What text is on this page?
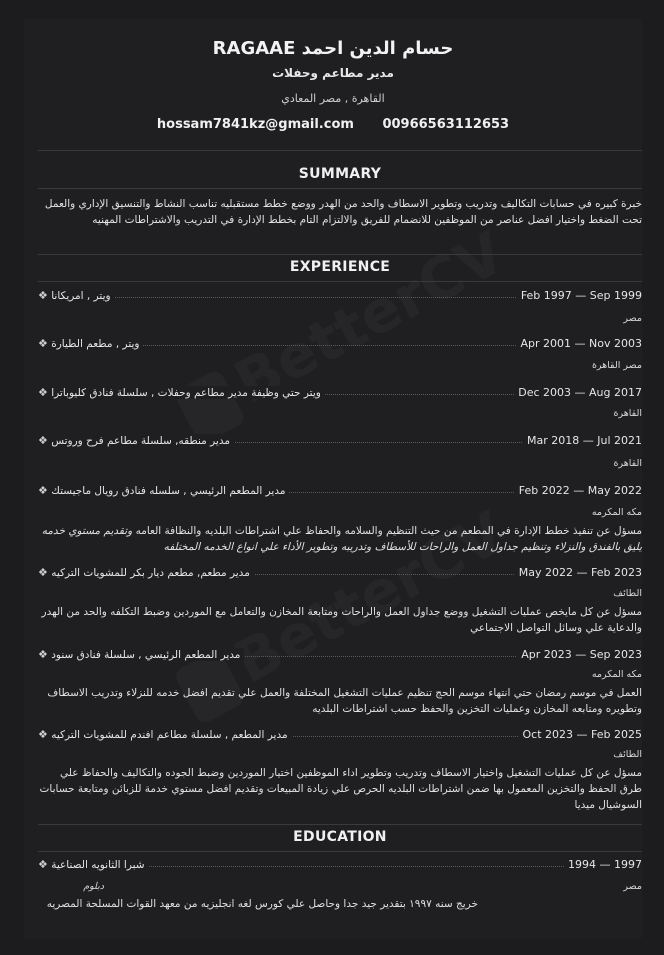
RAGAAE حسام الدين احمد
مدير مطاعم وحفلات
القاهرة , مصر المعادي
hossam7841kz@gmail.com 00966563112653
SUMMARY
خبرة كبيره في حسابات التكاليف وتدريب وتطوير الاسطاف والحد من الهدر ووضع خطط مستقبليه تناسب النشاط والتنسيق الإداري والعمل تحت الضغط واختيار افضل عناصر من الموظفين للانضمام للفريق والالتزام التام بخطط الإدارة في التدريب والاشتراطات المهنيه
EXPERIENCE
Feb 1997 — Sep 1999
ويتر , امريكانا ❖
مصر
Apr 2001 — Nov 2003
ويتر , مطعم الطيارة ❖
مصر القاهرة
Dec 2003 — Aug 2017
ويتر حتي وظيفة مدير مطاعم وحفلات , سلسلة فنادق كليوباترا ❖
القاهرة
Mar 2018 — Jul 2021
مدير منطقه, سلسلة مطاعم فرح وروتس ❖
القاهرة
Feb 2022 — May 2022
مدير المطعم الرئيسي , سلسله فنادق رويال ماجيستك ❖
مكه المكرمه
مسؤل عن تنفيذ خطط الإدارة في المطعم من حيث التنظيم والسلامه والحفاظ علي اشتراطات البلديه والنظافة العامه وتقديم مستوي خدمه يليق بالفندق والنزلاء وتنظيم جداول العمل والراحات للأسطاف وتدريبه وتطوير الأداء علي انواع الخدمه المختلفه
May 2022 — Feb 2023
مدير مطعم, مطعم ديار بكر للمشويات التركيه ❖
الطائف
مسؤل عن كل مايخص عمليات التشغيل ووضع جداول العمل والراحات ومتابعة المخازن والتعامل مع الموردين وضبط التكلفه والحد من الهدر والدعاية علي وسائل التواصل الاجتماعي
Apr 2023 — Sep 2023
مدير المطعم الرئيسي , سلسلة فنادق سنود ❖
مكه المكرمه
العمل في موسم رمضان حتي انتهاء موسم الحج تنظيم عمليات التشغيل المختلفة والعمل علي تقديم افضل خدمه للنزلاء وتدريب الاسطاف وتطويره ومتابعه المخازن وعمليات التخزين والحفظ حسب اشتراطات البلديه
Oct 2023 — Feb 2025
مدير المطعم , سلسلة مطاعم افندم للمشويات التركيه ❖
الطائف
مسؤل عن كل عمليات التشغيل واختيار الاسطاف وتدريب وتطوير اداء الموظفين اختيار الموردين وضبط الجوده والتكاليف والحفاظ علي طرق الحفظ والتخزين المعمول بها ضمن اشتراطات البلديه الحرص علي زيادة المبيعات وتقديم افضل مستوي خدمة للزبائن ومتابعة حسابات السوشيال ميديا
EDUCATION
1994 — 1997
شبرا الثانويه الصناعية ❖
مصر
دبلوم
خريج سنه ١٩٩٧ بتقدير جيد جدا وحاصل علي كورس لغه انجليزيه من معهد القوات المسلحة المصريه
